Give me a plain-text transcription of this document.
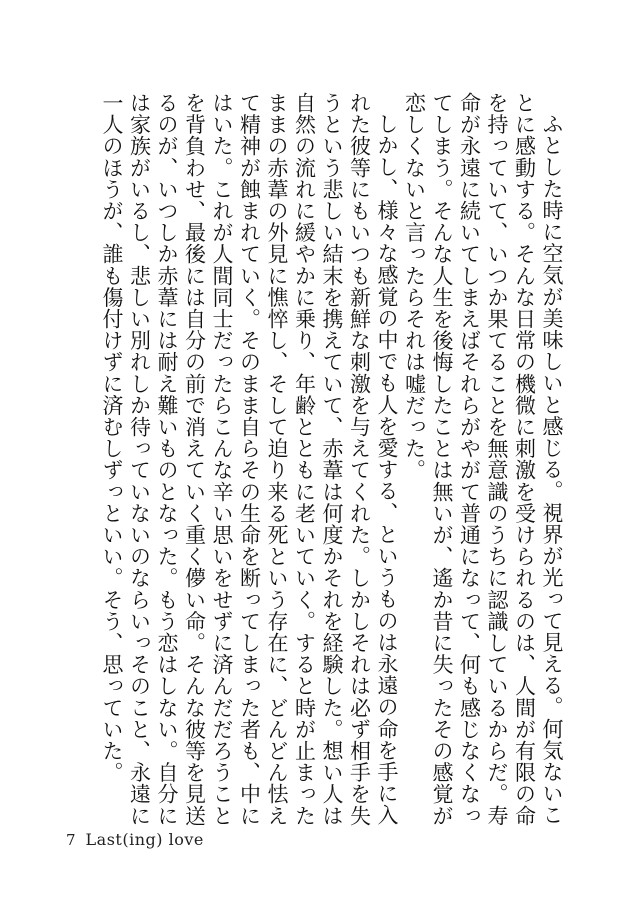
ふとした時に空気が美味しいと感じる。視界が光って見える。何気ないことに感動する。そんな日常の機微に刺激を受けられるのは、人間が有限の命を持っていて、いつか果てることを無意識のうちに認識しているからだ。寿命が永遠に続いてしまえばそれらがやがて普通になって、何も感じなくなってしまう。そんな人生を後悔したことは無いが、遙か昔に失ったその感覚が恋しくないと言ったらそれは嘘だった。

しかし、様々な感覚の中でも人を愛する、というものは永遠の命を手に入れた彼等にもいつも新鮮な刺激を与えてくれた。しかしそれは必ず相手を失うという悲しい結末を携えていて、赤葦は何度かそれを経験した。想い人は自然の流れに緩やかに乗り、年齢とともに老いていく。すると時が止まったままの赤葦の外見に憔悴し、そして迫り来る死という存在に、どんどん怯えて精神が蝕まれていく。そのまま自らその生命を断ってしまった者も、中にはいた。これが人間同士だったらこんな辛い思いをせずに済んだだろうことを背負わせ、最後には自分の前で消えていく重く儚い命。そんな彼等を見送るのが、いつしか赤葦には耐え難いものとなった。もう恋はしない。自分には家族がいるし、悲しい別れしか待っていないのならいっそのこと、永遠に一人のほうが、誰も傷付けずに済むしずっといい。そう、思っていた。

7 Last(ing) love
